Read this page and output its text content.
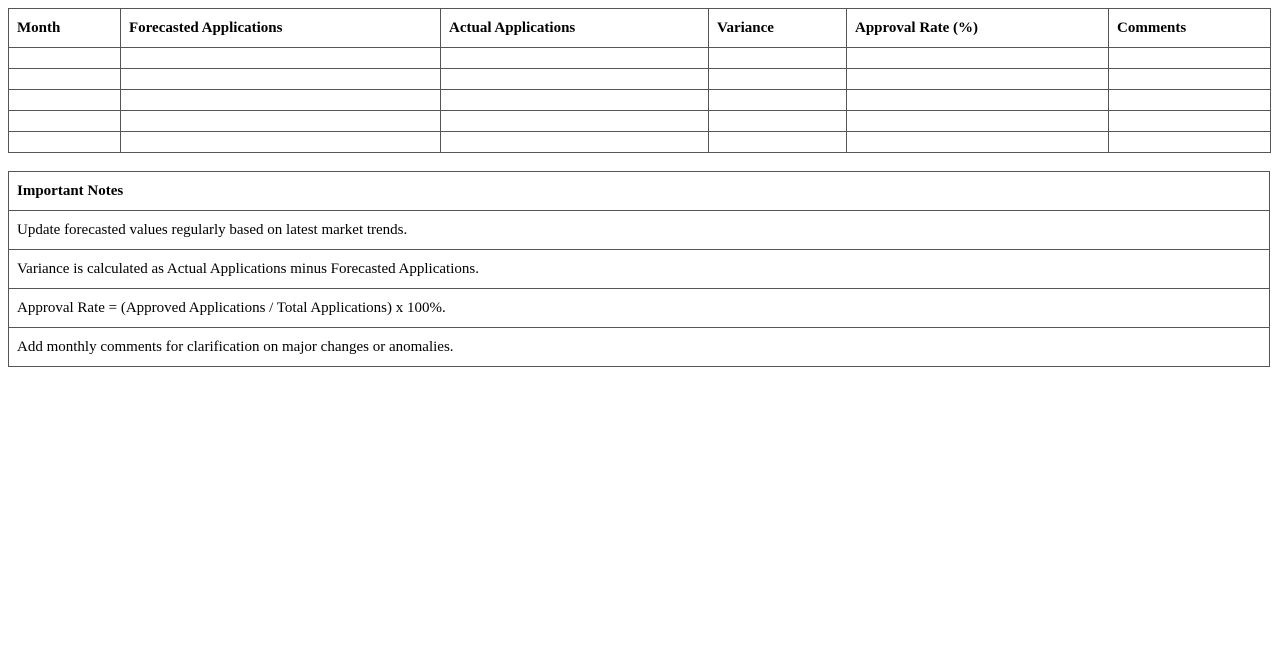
Month	Forecasted Applications	Actual Applications	Variance	Approval Rate (%)	Comments

Important Notes
Update forecasted values regularly based on latest market trends.
Variance is calculated as Actual Applications minus Forecasted Applications.
Approval Rate = (Approved Applications / Total Applications) x 100%.
Add monthly comments for clarification on major changes or anomalies.
